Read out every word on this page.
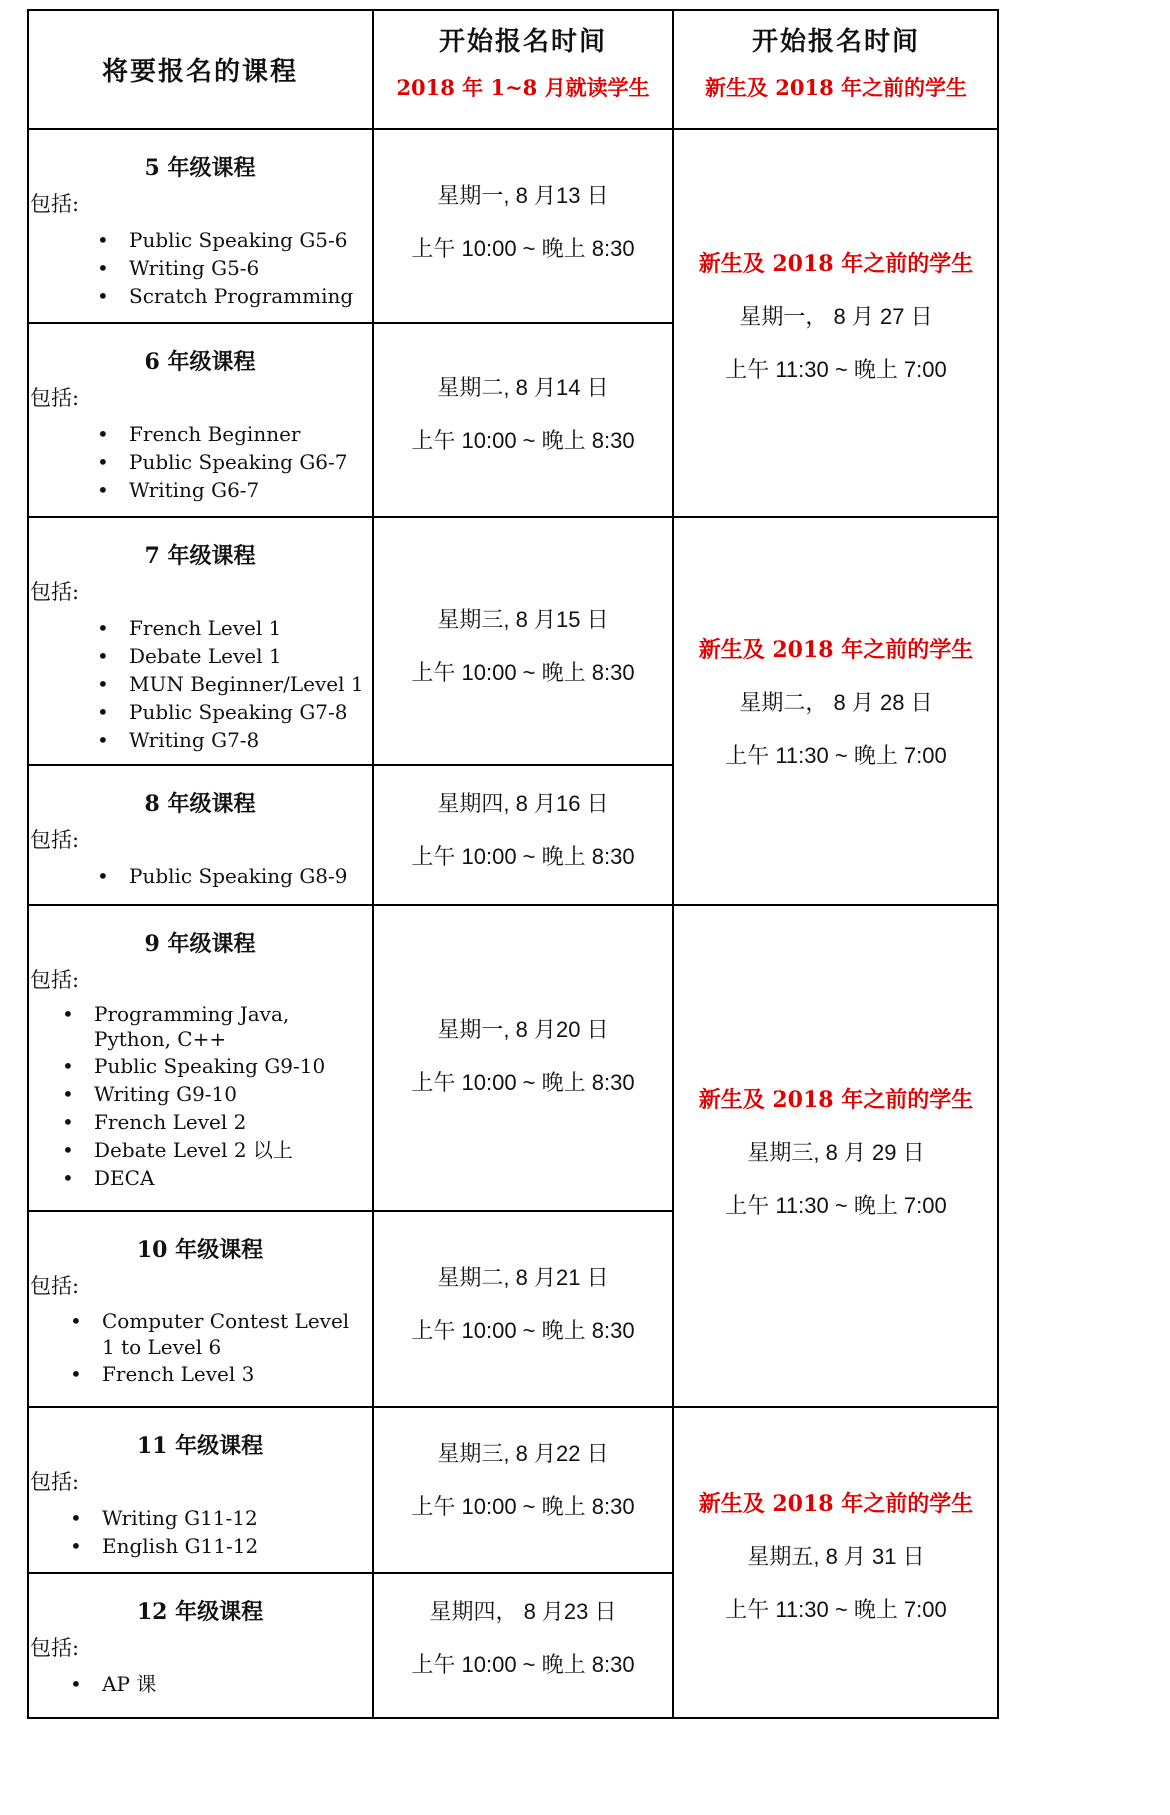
将要报名的课程
开始报名时间
2018 年 1~8 月就读学生
开始报名时间
新生及 2018 年之前的学生
5 年级课程
包括:
• Public Speaking G5-6
• Writing G5-6
• Scratch Programming
星期一, 8 月13 日
上午 10:00 ~ 晚上 8:30
6 年级课程
包括:
• French Beginner
• Public Speaking G6-7
• Writing G6-7
星期二, 8 月14 日
上午 10:00 ~ 晚上 8:30
7 年级课程
包括:
• French Level 1
• Debate Level 1
• MUN Beginner/Level 1
• Public Speaking G7-8
• Writing G7-8
星期三, 8 月15 日
上午 10:00 ~ 晚上 8:30
8 年级课程
包括:
• Public Speaking G8-9
星期四, 8 月16 日
上午 10:00 ~ 晚上 8:30
9 年级课程
包括:
• Programming Java, Python, C++
• Public Speaking G9-10
• Writing G9-10
• French Level 2
• Debate Level 2 以上
• DECA
星期一, 8 月20 日
上午 10:00 ~ 晚上 8:30
10 年级课程
包括:
• Computer Contest Level 1 to Level 6
• French Level 3
星期二, 8 月21 日
上午 10:00 ~ 晚上 8:30
11 年级课程
包括:
• Writing G11-12
• English G11-12
星期三, 8 月22 日
上午 10:00 ~ 晚上 8:30
12 年级课程
包括:
• AP 课
星期四， 8 月23 日
上午 10:00 ~ 晚上 8:30
新生及 2018 年之前的学生
星期一， 8 月 27 日
上午 11:30 ~ 晚上 7:00
新生及 2018 年之前的学生
星期二， 8 月 28 日
上午 11:30 ~ 晚上 7:00
新生及 2018 年之前的学生
星期三, 8 月 29 日
上午 11:30 ~ 晚上 7:00
新生及 2018 年之前的学生
星期五, 8 月 31 日
上午 11:30 ~ 晚上 7:00
